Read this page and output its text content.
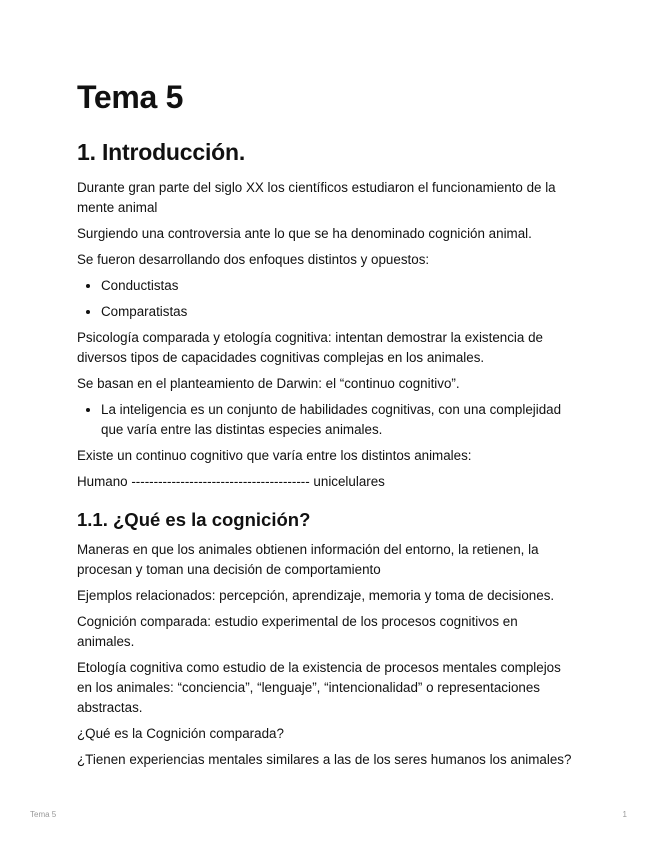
Tema 5
1. Introducción.

Durante gran parte del siglo XX los científicos estudiaron el funcionamiento de la mente animal

Surgiendo una controversia ante lo que se ha denominado cognición animal.

Se fueron desarrollando dos enfoques distintos y opuestos:

• Conductistas
• Comparatistas

Psicología comparada y etología cognitiva: intentan demostrar la existencia de diversos tipos de capacidades cognitivas complejas en los animales.

Se basan en el planteamiento de Darwin: el “continuo cognitivo”.

• La inteligencia es un conjunto de habilidades cognitivas, con una complejidad que varía entre las distintas especies animales.

Existe un continuo cognitivo que varía entre los distintos animales:

Humano ---------------------------------------- unicelulares

1.1. ¿Qué es la cognición?

Maneras en que los animales obtienen información del entorno, la retienen, la procesan y toman una decisión de comportamiento

Ejemplos relacionados: percepción, aprendizaje, memoria y toma de decisiones.

Cognición comparada: estudio experimental de los procesos cognitivos en animales.

Etología cognitiva como estudio de la existencia de procesos mentales complejos en los animales: “conciencia”, “lenguaje”, “intencionalidad” o representaciones abstractas.

¿Qué es la Cognición comparada?

¿Tienen experiencias mentales similares a las de los seres humanos los animales?

Tema 5	1
